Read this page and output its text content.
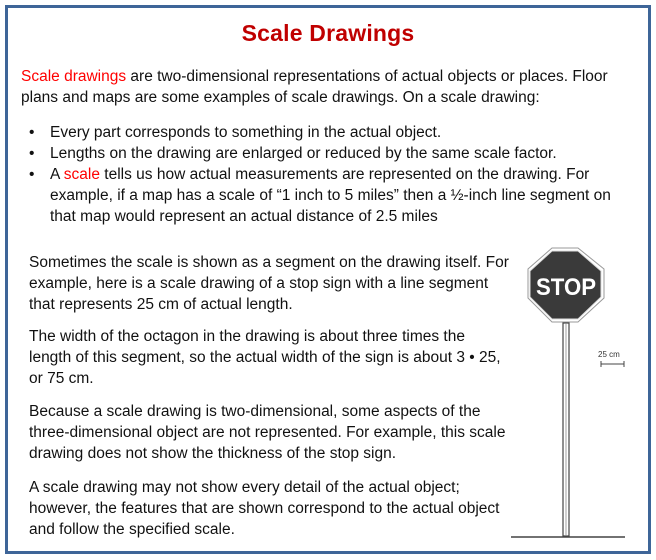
Scale Drawings
Scale drawings are two-dimensional representations of actual objects or places. Floor plans and maps are some examples of scale drawings. On a scale drawing:
• Every part corresponds to something in the actual object.
• Lengths on the drawing are enlarged or reduced by the same scale factor.
• A scale tells us how actual measurements are represented on the drawing. For example, if a map has a scale of “1 inch to 5 miles” then a ½-inch line segment on that map would represent an actual distance of 2.5 miles

Sometimes the scale is shown as a segment on the drawing itself. For example, here is a scale drawing of a stop sign with a line segment that represents 25 cm of actual length.

The width of the octagon in the drawing is about three times the length of this segment, so the actual width of the sign is about 3 • 25, or 75 cm.

Because a scale drawing is two-dimensional, some aspects of the three-dimensional object are not represented. For example, this scale drawing does not show the thickness of the stop sign.

A scale drawing may not show every detail of the actual object; however, the features that are shown correspond to the actual object and follow the specified scale.

STOP
25 cm
